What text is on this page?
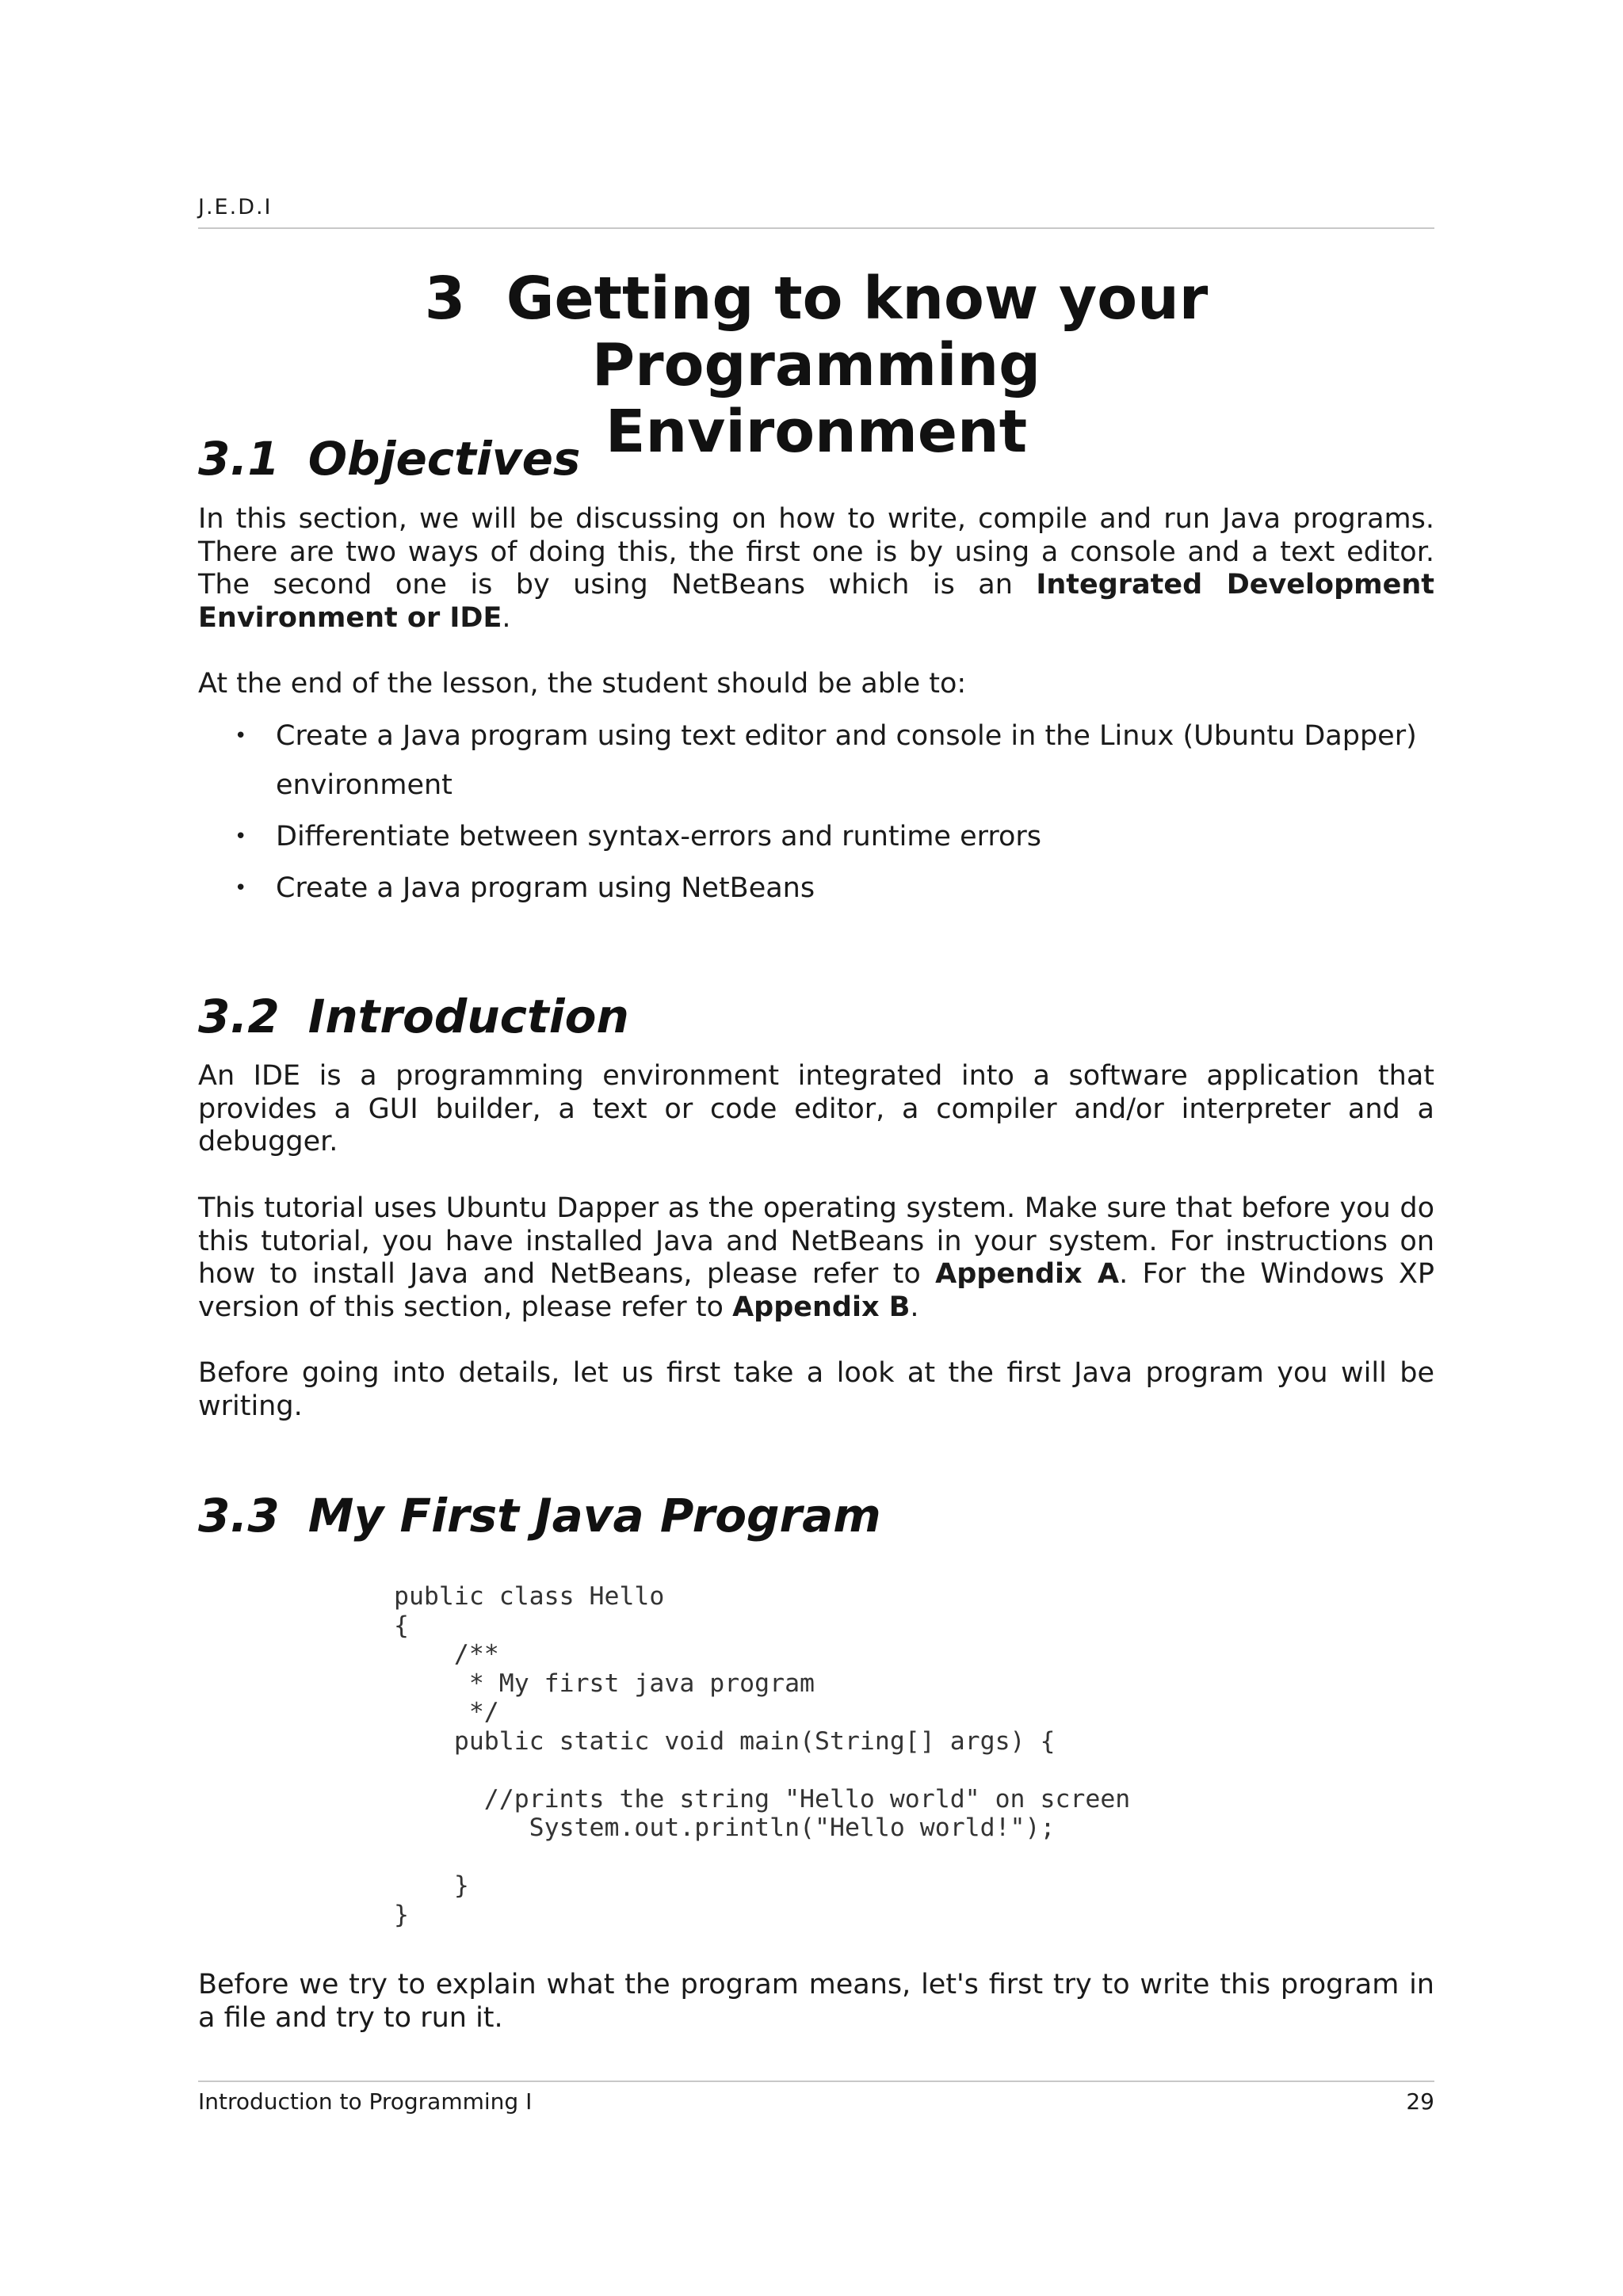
J.E.D.I
3 Getting to know your Programming
Environment
3.1 Objectives
In this section, we will be discussing on how to write, compile and run Java programs. There are two ways of doing this, the first one is by using a console and a text editor. The second one is by using NetBeans which is an Integrated Development Environment or IDE.
At the end of the lesson, the student should be able to:
• Create a Java program using text editor and console in the Linux (Ubuntu Dapper) environment
• Differentiate between syntax-errors and runtime errors
• Create a Java program using NetBeans
3.2 Introduction
An IDE is a programming environment integrated into a software application that provides a GUI builder, a text or code editor, a compiler and/or interpreter and a debugger.
This tutorial uses Ubuntu Dapper as the operating system. Make sure that before you do this tutorial, you have installed Java and NetBeans in your system. For instructions on how to install Java and NetBeans, please refer to Appendix A. For the Windows XP version of this section, please refer to Appendix B.
Before going into details, let us first take a look at the first Java program you will be writing.
3.3 My First Java Program
public class Hello
{
/**
* My first java program
*/
public static void main(String[] args) {

//prints the string "Hello world" on screen
System.out.println("Hello world!");

}
}
Before we try to explain what the program means, let's first try to write this program in a file and try to run it.
Introduction to Programming I	29
